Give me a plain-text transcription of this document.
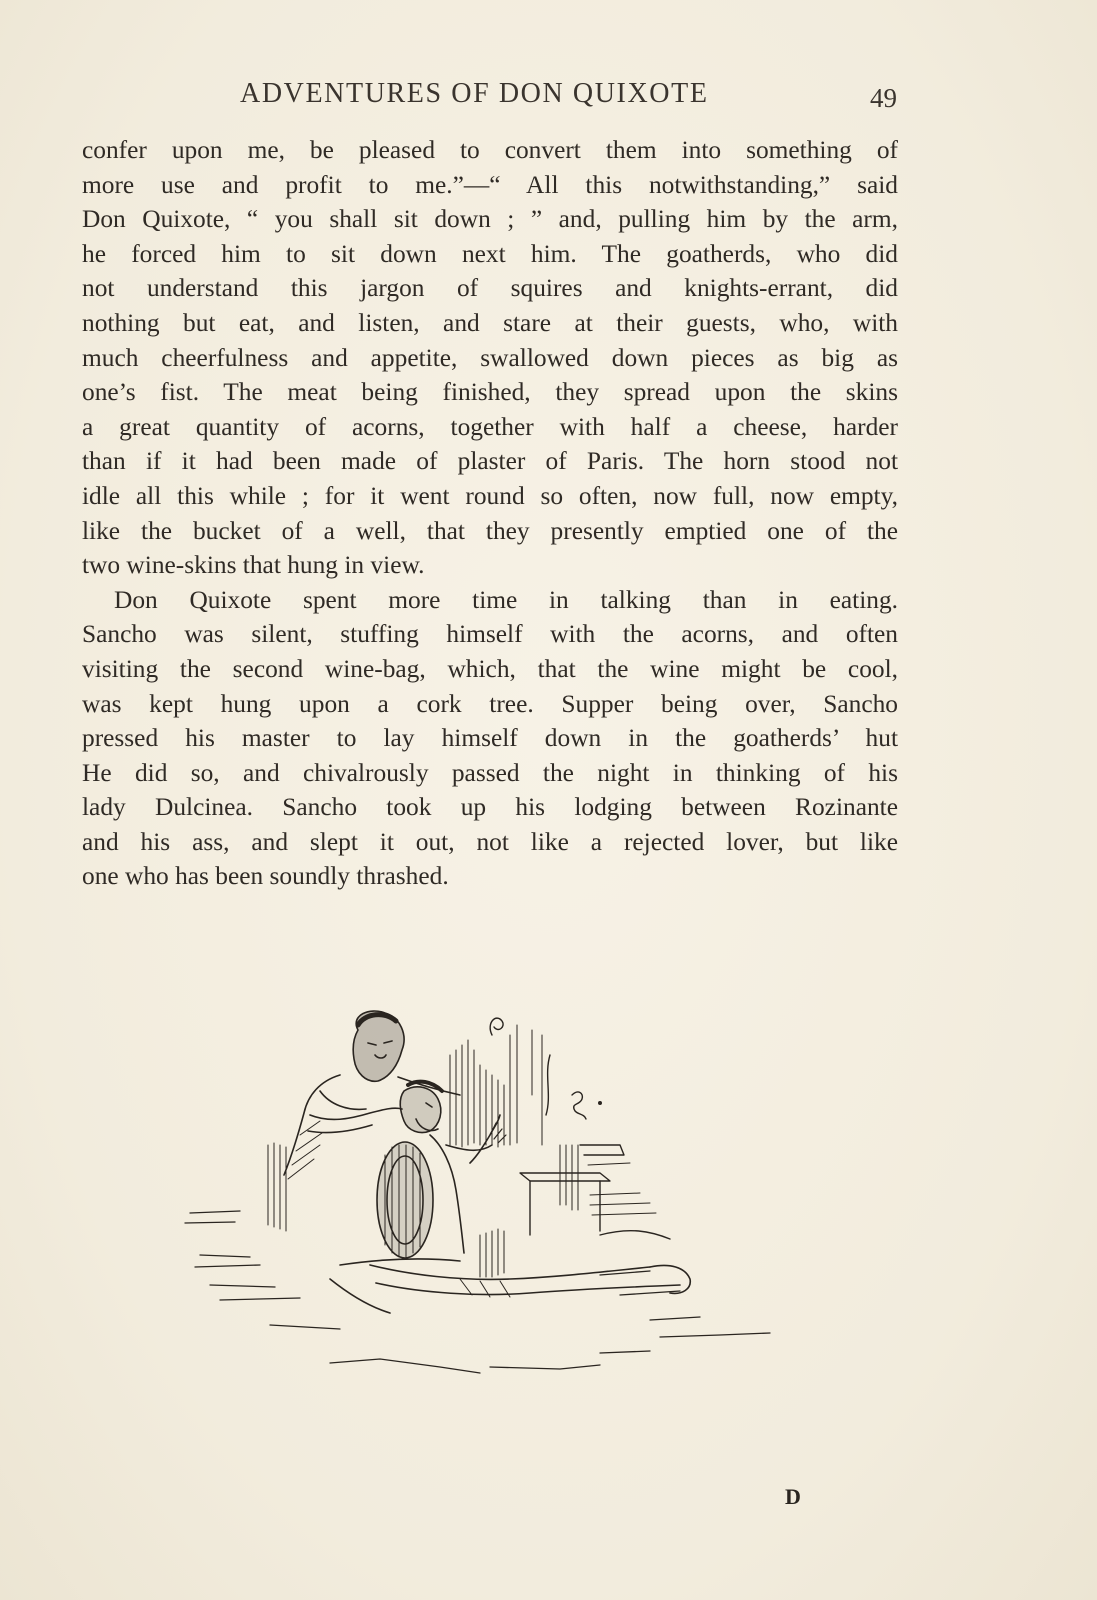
ADVENTURES OF DON QUIXOTE	49
confer upon me, be pleased to convert them into something of
more use and profit to me.”—“ All this notwithstanding,” said
Don Quixote, “ you shall sit down ; ” and, pulling him by the arm,
he forced him to sit down next him. The goatherds, who did
not understand this jargon of squires and knights-errant, did
nothing but eat, and listen, and stare at their guests, who, with
much cheerfulness and appetite, swallowed down pieces as big as
one’s fist. The meat being finished, they spread upon the skins
a great quantity of acorns, together with half a cheese, harder
than if it had been made of plaster of Paris. The horn stood not
idle all this while ; for it went round so often, now full, now empty,
like the bucket of a well, that they presently emptied one of the
two wine-skins that hung in view.
Don Quixote spent more time in talking than in eating.
Sancho was silent, stuffing himself with the acorns, and often
visiting the second wine-bag, which, that the wine might be cool,
was kept hung upon a cork tree. Supper being over, Sancho
pressed his master to lay himself down in the goatherds’ hut
He did so, and chivalrously passed the night in thinking of his
lady Dulcinea. Sancho took up his lodging between Rozinante
and his ass, and slept it out, not like a rejected lover, but like
one who has been soundly thrashed.
D
